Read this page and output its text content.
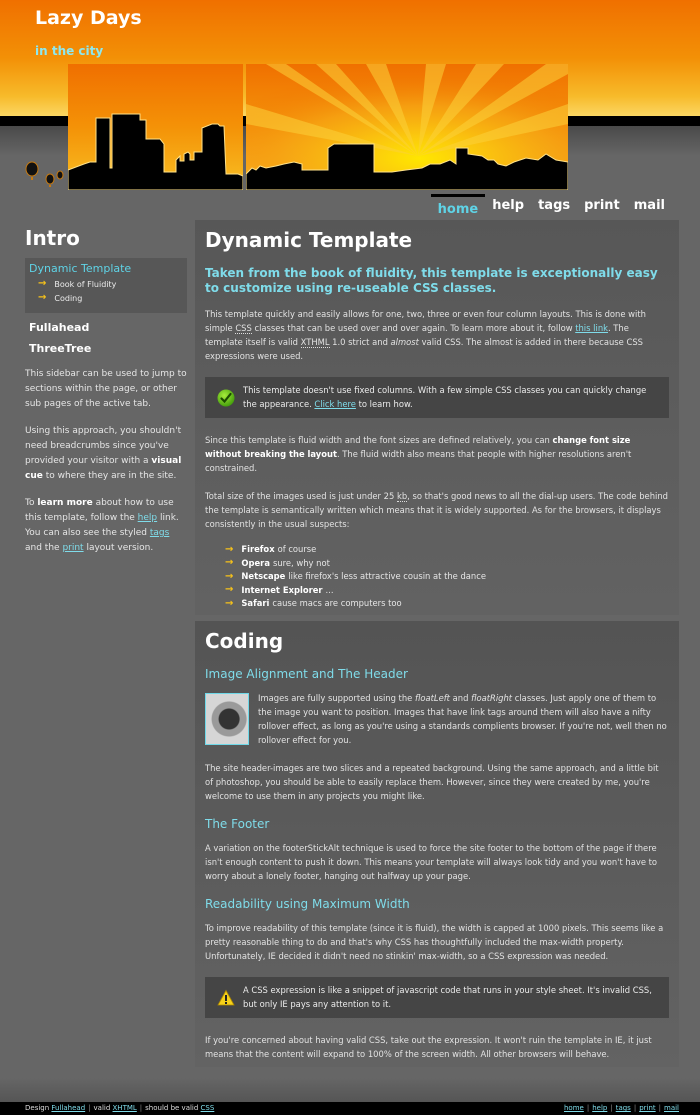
Lazy Days
in the city
home	help	tags	print	mail
Intro
Dynamic Template
→ Book of Fluidity
→ Coding
Fullahead
ThreeTree

This sidebar can be used to jump to sections within the page, or other sub pages of the active tab.

Using this approach, you shouldn't need breadcrumbs since you've provided your visitor with a visual cue to where they are in the site.

To learn more about how to use this template, follow the help link. You can also see the styled tags and the print layout version.

Dynamic Template

Taken from the book of fluidity, this template is exceptionally easy to customize using re-useable CSS classes.

This template quickly and easily allows for one, two, three or even four column layouts. This is done with simple CSS classes that can be used over and over again. To learn more about it, follow this link. The template itself is valid XTHML 1.0 strict and almost valid CSS. The almost is added in there because CSS expressions were used.

This template doesn't use fixed columns. With a few simple CSS classes you can quickly change the appearance. Click here to learn how.

Since this template is fluid width and the font sizes are defined relatively, you can change font size without breaking the layout. The fluid width also means that people with higher resolutions aren't constrained.

Total size of the images used is just under 25 kb, so that's good news to all the dial-up users. The code behind the template is semantically written which means that it is widely supported. As for the browsers, it displays consistently in the usual suspects:

→ Firefox of course
→ Opera sure, why not
→ Netscape like firefox's less attractive cousin at the dance
→ Internet Explorer ...
→ Safari cause macs are computers too
Coding
Image Alignment and The Header

Images are fully supported using the floatLeft and floatRight classes. Just apply one of them to the image you want to position. Images that have link tags around them will also have a nifty rollover effect, as long as you're using a standards complients browser. If you're not, well then no rollover effect for you.

The site header-images are two slices and a repeated background. Using the same approach, and a little bit of photoshop, you should be able to easily replace them. However, since they were created by me, you're welcome to use them in any projects you might like.

The Footer

A variation on the footerStickAlt technique is used to force the site footer to the bottom of the page if there isn't enough content to push it down. This means your template will always look tidy and you won't have to worry about a lonely footer, hanging out halfway up your page.

Readability using Maximum Width

To improve readability of this template (since it is fluid), the width is capped at 1000 pixels. This seems like a pretty reasonable thing to do and that's why CSS has thoughtfully included the max-width property. Unfortunately, IE decided it didn't need no stinkin' max-width, so a CSS expression was needed.

A CSS expression is like a snippet of javascript code that runs in your style sheet. It's invalid CSS, but only IE pays any attention to it.

If you're concerned about having valid CSS, take out the expression. It won't ruin the template in IE, it just means that the content will expand to 100% of the screen width. All other browsers will behave.

Design Fullahead | valid XHTML | should be valid CSS	home | help | tags | print | mail
